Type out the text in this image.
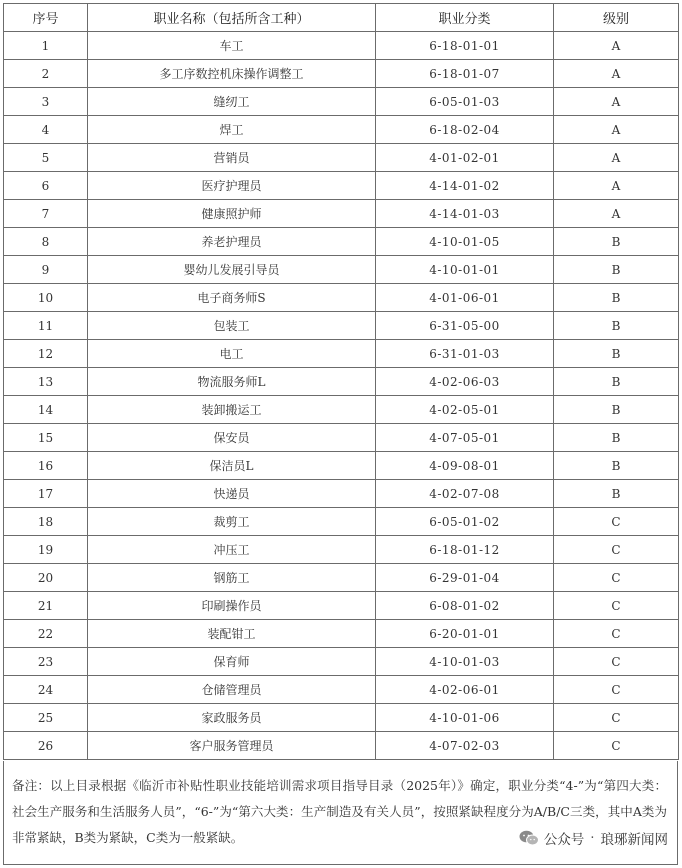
序号	职业名称（包括所含工种）	职业分类	级别
1	车工	6-18-01-01	A
2	多工序数控机床操作调整工	6-18-01-07	A
3	缝纫工	6-05-01-03	A
4	焊工	6-18-02-04	A
5	营销员	4-01-02-01	A
6	医疗护理员	4-14-01-02	A
7	健康照护师	4-14-01-03	A
8	养老护理员	4-10-01-05	B
9	婴幼儿发展引导员	4-10-01-01	B
10	电子商务师S	4-01-06-01	B
11	包装工	6-31-05-00	B
12	电工	6-31-01-03	B
13	物流服务师L	4-02-06-03	B
14	装卸搬运工	4-02-05-01	B
15	保安员	4-07-05-01	B
16	保洁员L	4-09-08-01	B
17	快递员	4-02-07-08	B
18	裁剪工	6-05-01-02	C
19	冲压工	6-18-01-12	C
20	钢筋工	6-29-01-04	C
21	印刷操作员	6-08-01-02	C
22	装配钳工	6-20-01-01	C
23	保育师	4-10-01-03	C
24	仓储管理员	4-02-06-01	C
25	家政服务员	4-10-01-06	C
26	客户服务管理员	4-07-02-03	C
备注：以上目录根据《临沂市补贴性职业技能培训需求项目指导目录（2025年）》确定，职业分类“4-”为“第四大类：社会生产服务和生活服务人员”，“6-”为“第六大类：生产制造及有关人员”，按照紧缺程度分为A/B/C三类，其中A类为非常紧缺，B类为紧缺，C类为一般紧缺。	公众号 · 琅琊新闻网
